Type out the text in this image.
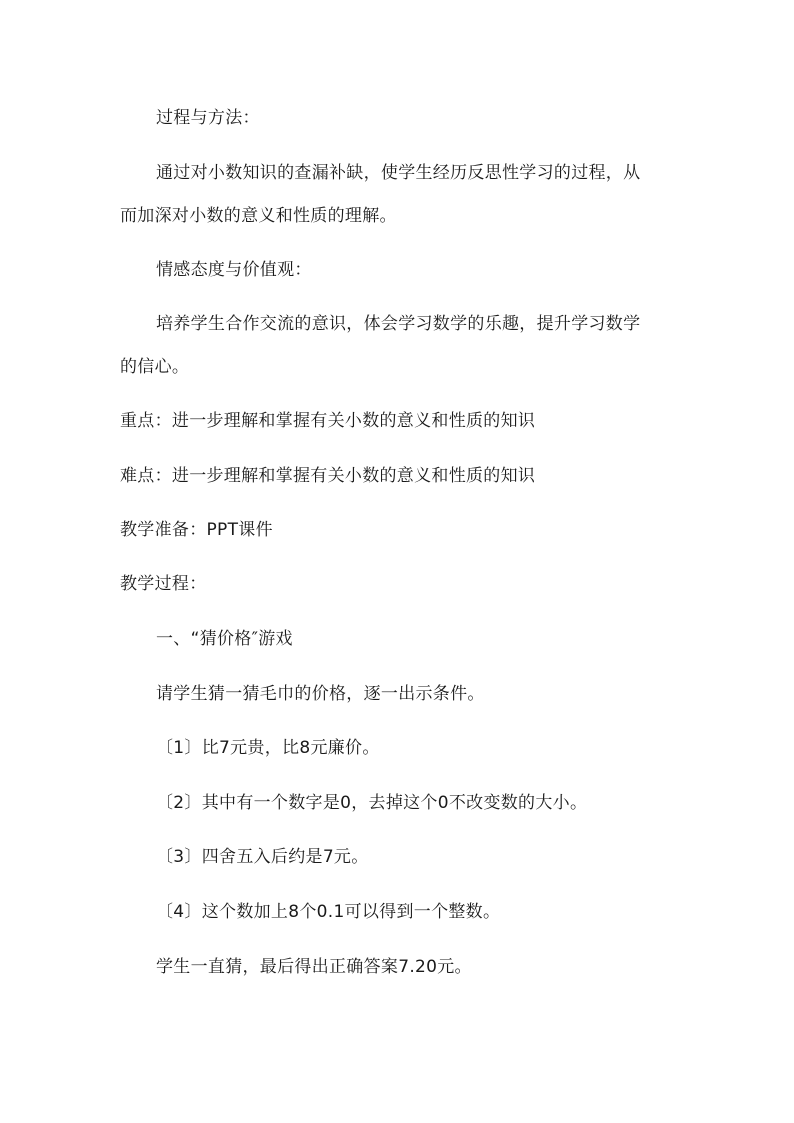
过程与方法：
通过对小数知识的查漏补缺，使学生经历反思性学习的过程，从
而加深对小数的意义和性质的理解。
情感态度与价值观：
培养学生合作交流的意识，体会学习数学的乐趣，提升学习数学
的信心。
重点：进一步理解和掌握有关小数的意义和性质的知识
难点：进一步理解和掌握有关小数的意义和性质的知识
教学准备：PPT课件
教学过程：
一、“猜价格″游戏
请学生猜一猜毛巾的价格，逐一出示条件。
〔1〕比7元贵，比8元廉价。
〔2〕其中有一个数字是0，去掉这个0不改变数的大小。
〔3〕四舍五入后约是7元。
〔4〕这个数加上8个0.1可以得到一个整数。
学生一直猜，最后得出正确答案7.20元。
